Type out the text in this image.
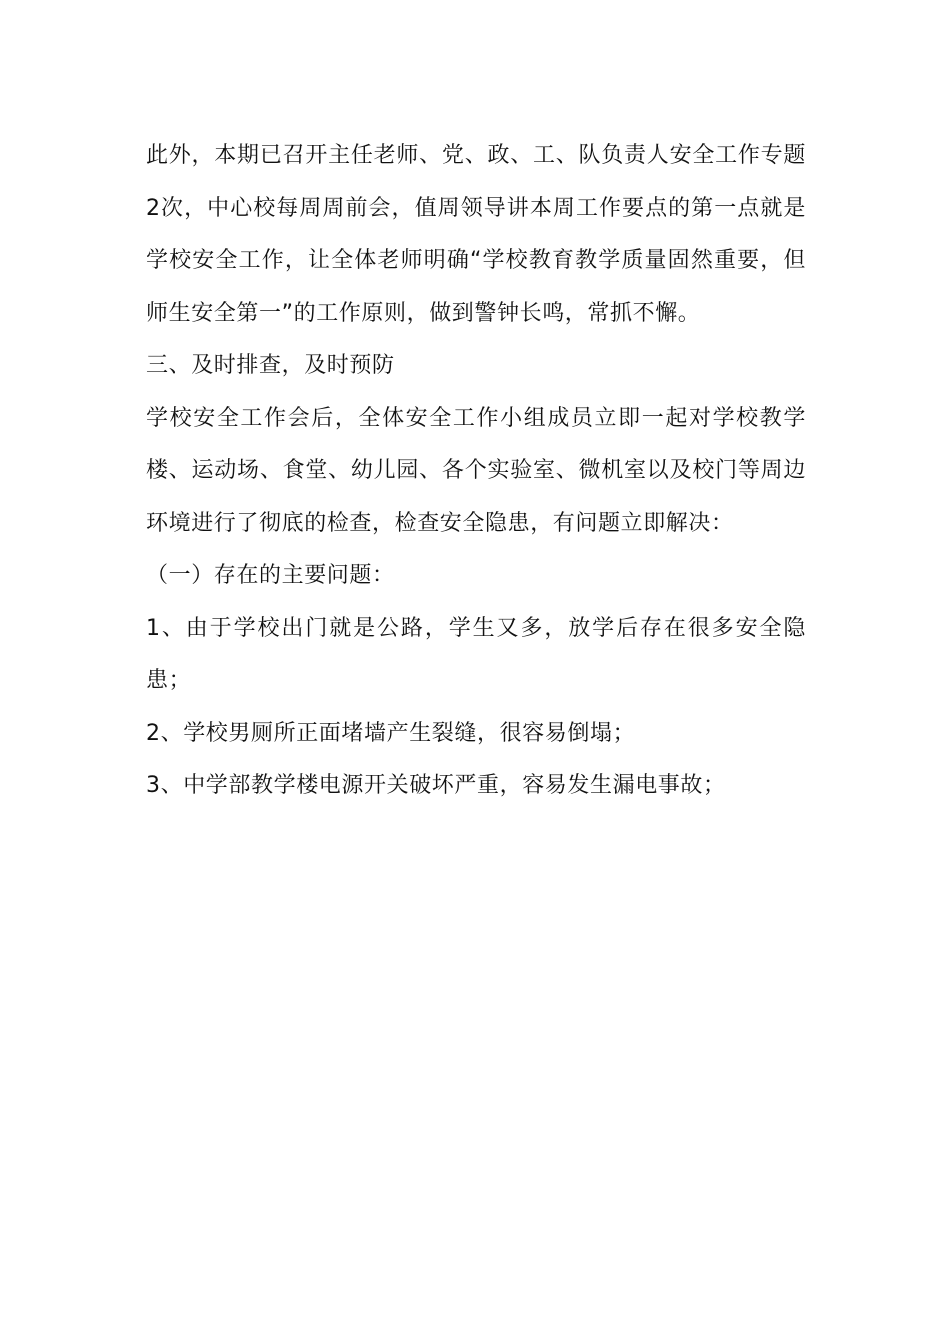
此外，本期已召开主任老师、党、政、工、队负责人安全工作专题2次，中心校每周周前会，值周领导讲本周工作要点的第一点就是学校安全工作，让全体老师明确“学校教育教学质量固然重要，但师生安全第一”的工作原则，做到警钟长鸣，常抓不懈。

三、及时排查，及时预防

学校安全工作会后，全体安全工作小组成员立即一起对学校教学楼、运动场、食堂、幼儿园、各个实验室、微机室以及校门等周边环境进行了彻底的检查，检查安全隐患，有问题立即解决：

（一）存在的主要问题：

1、由于学校出门就是公路，学生又多，放学后存在很多安全隐患；

2、学校男厕所正面堵墙产生裂缝，很容易倒塌；

3、中学部教学楼电源开关破坏严重，容易发生漏电事故；
